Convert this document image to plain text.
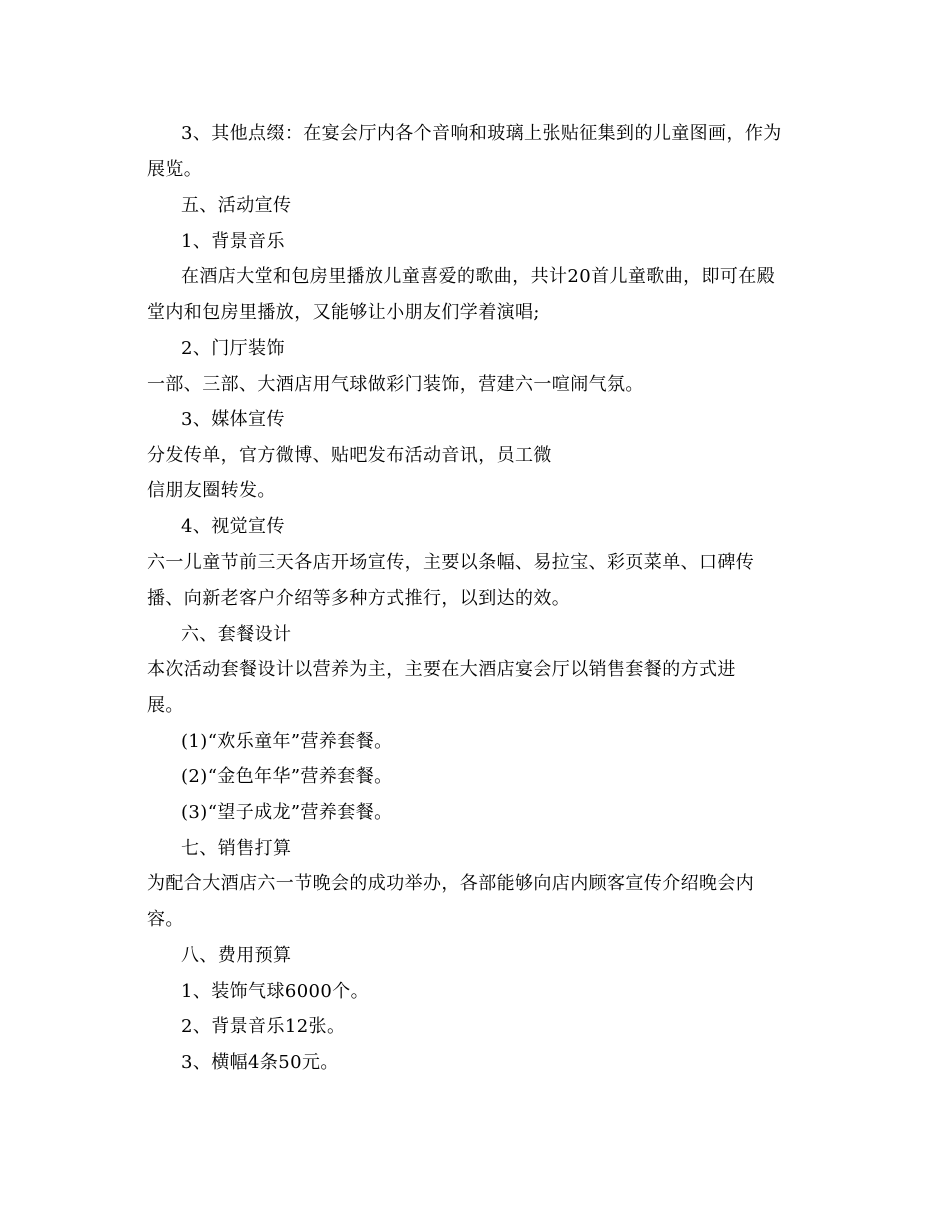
3、其他点缀：在宴会厅内各个音响和玻璃上张贴征集到的儿童图画，作为
展览。
五、活动宣传
1、背景音乐
在酒店大堂和包房里播放儿童喜爱的歌曲，共计20首儿童歌曲，即可在殿
堂内和包房里播放，又能够让小朋友们学着演唱;
2、门厅装饰
一部、三部、大酒店用气球做彩门装饰，营建六一喧闹气氛。
3、媒体宣传
分发传单，官方微博、贴吧发布活动音讯，员工微
信朋友圈转发。
4、视觉宣传
六一儿童节前三天各店开场宣传，主要以条幅、易拉宝、彩页菜单、口碑传
播、向新老客户介绍等多种方式推行，以到达的效。
六、套餐设计
本次活动套餐设计以营养为主，主要在大酒店宴会厅以销售套餐的方式进
展。
(1)“欢乐童年”营养套餐。
(2)“金色年华”营养套餐。
(3)“望子成龙”营养套餐。
七、销售打算
为配合大酒店六一节晚会的成功举办，各部能够向店内顾客宣传介绍晚会内
容。
八、费用预算
1、装饰气球6000个。
2、背景音乐12张。
3、横幅4条50元。
